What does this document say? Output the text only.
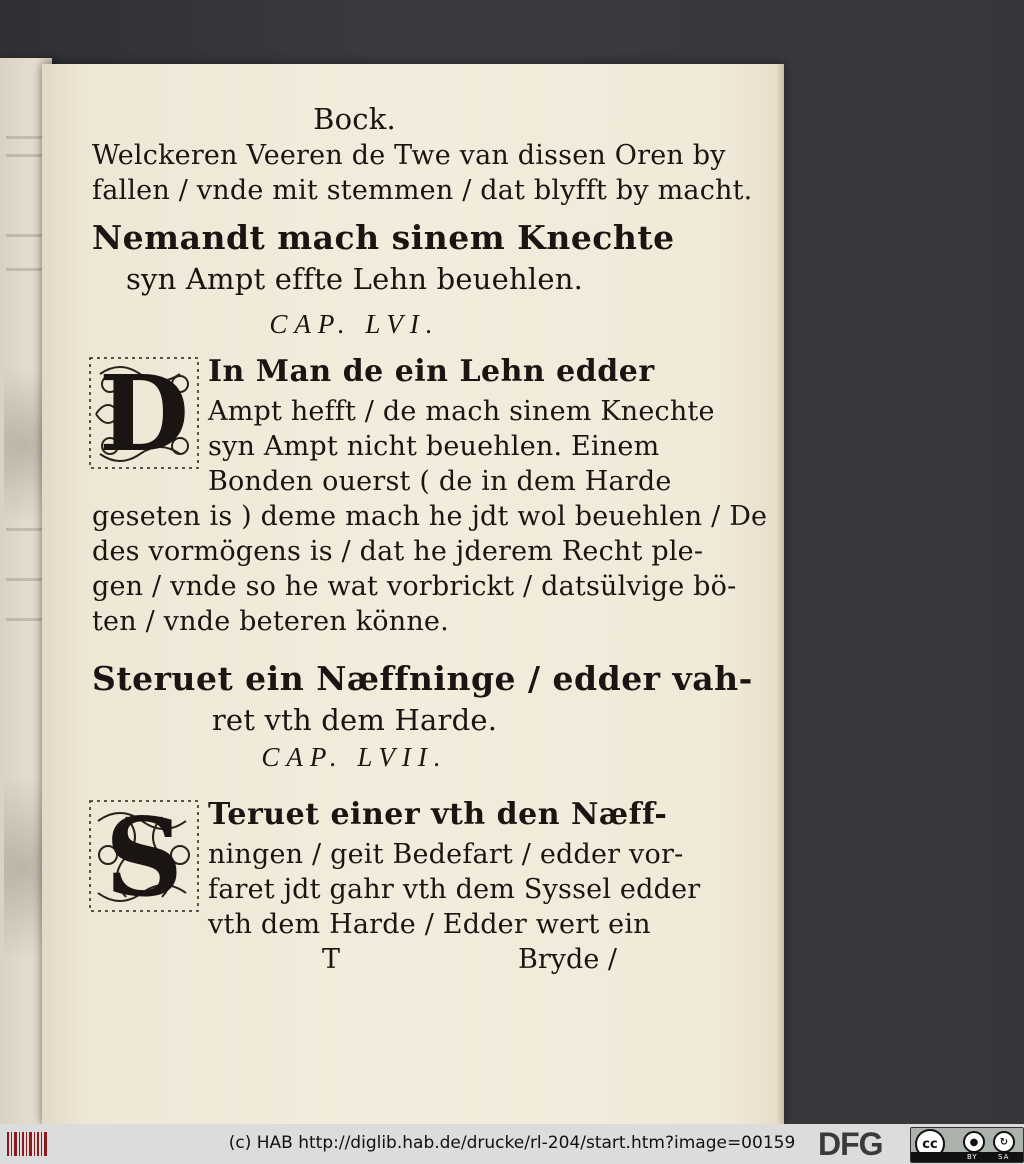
Bock.
Welckeren Veeren de Twe van dissen Oren by
fallen / vnde mit stemmen / dat blyfft by macht.
Nemandt mach sinem Knechte
syn Ampt effte Lehn beuehlen.
CAP. LVI.
D In Man de ein Lehn edder
Ampt hefft / de mach sinem Knechte
syn Ampt nicht beuehlen. Einem
Bonden ouerst ( de in dem Harde
geseten is ) deme mach he jdt wol beuehlen / De
des vormögens is / dat he jderem Recht ple-
gen / vnde so he wat vorbrickt / datsülvige bö-
ten / vnde beteren könne.
Steruet ein Næffninge / edder vah-
ret vth dem Harde.
CAP. LVII.
S Teruet einer vth den Næff-
ningen / geit Bedefart / edder vor-
faret jdt gahr vth dem Syssel edder
vth dem Harde / Edder wert ein
T	Bryde /
(c) HAB http://diglib.hab.de/drucke/rl-204/start.htm?image=00159 DFG	cc	●	↻
BY	SA
